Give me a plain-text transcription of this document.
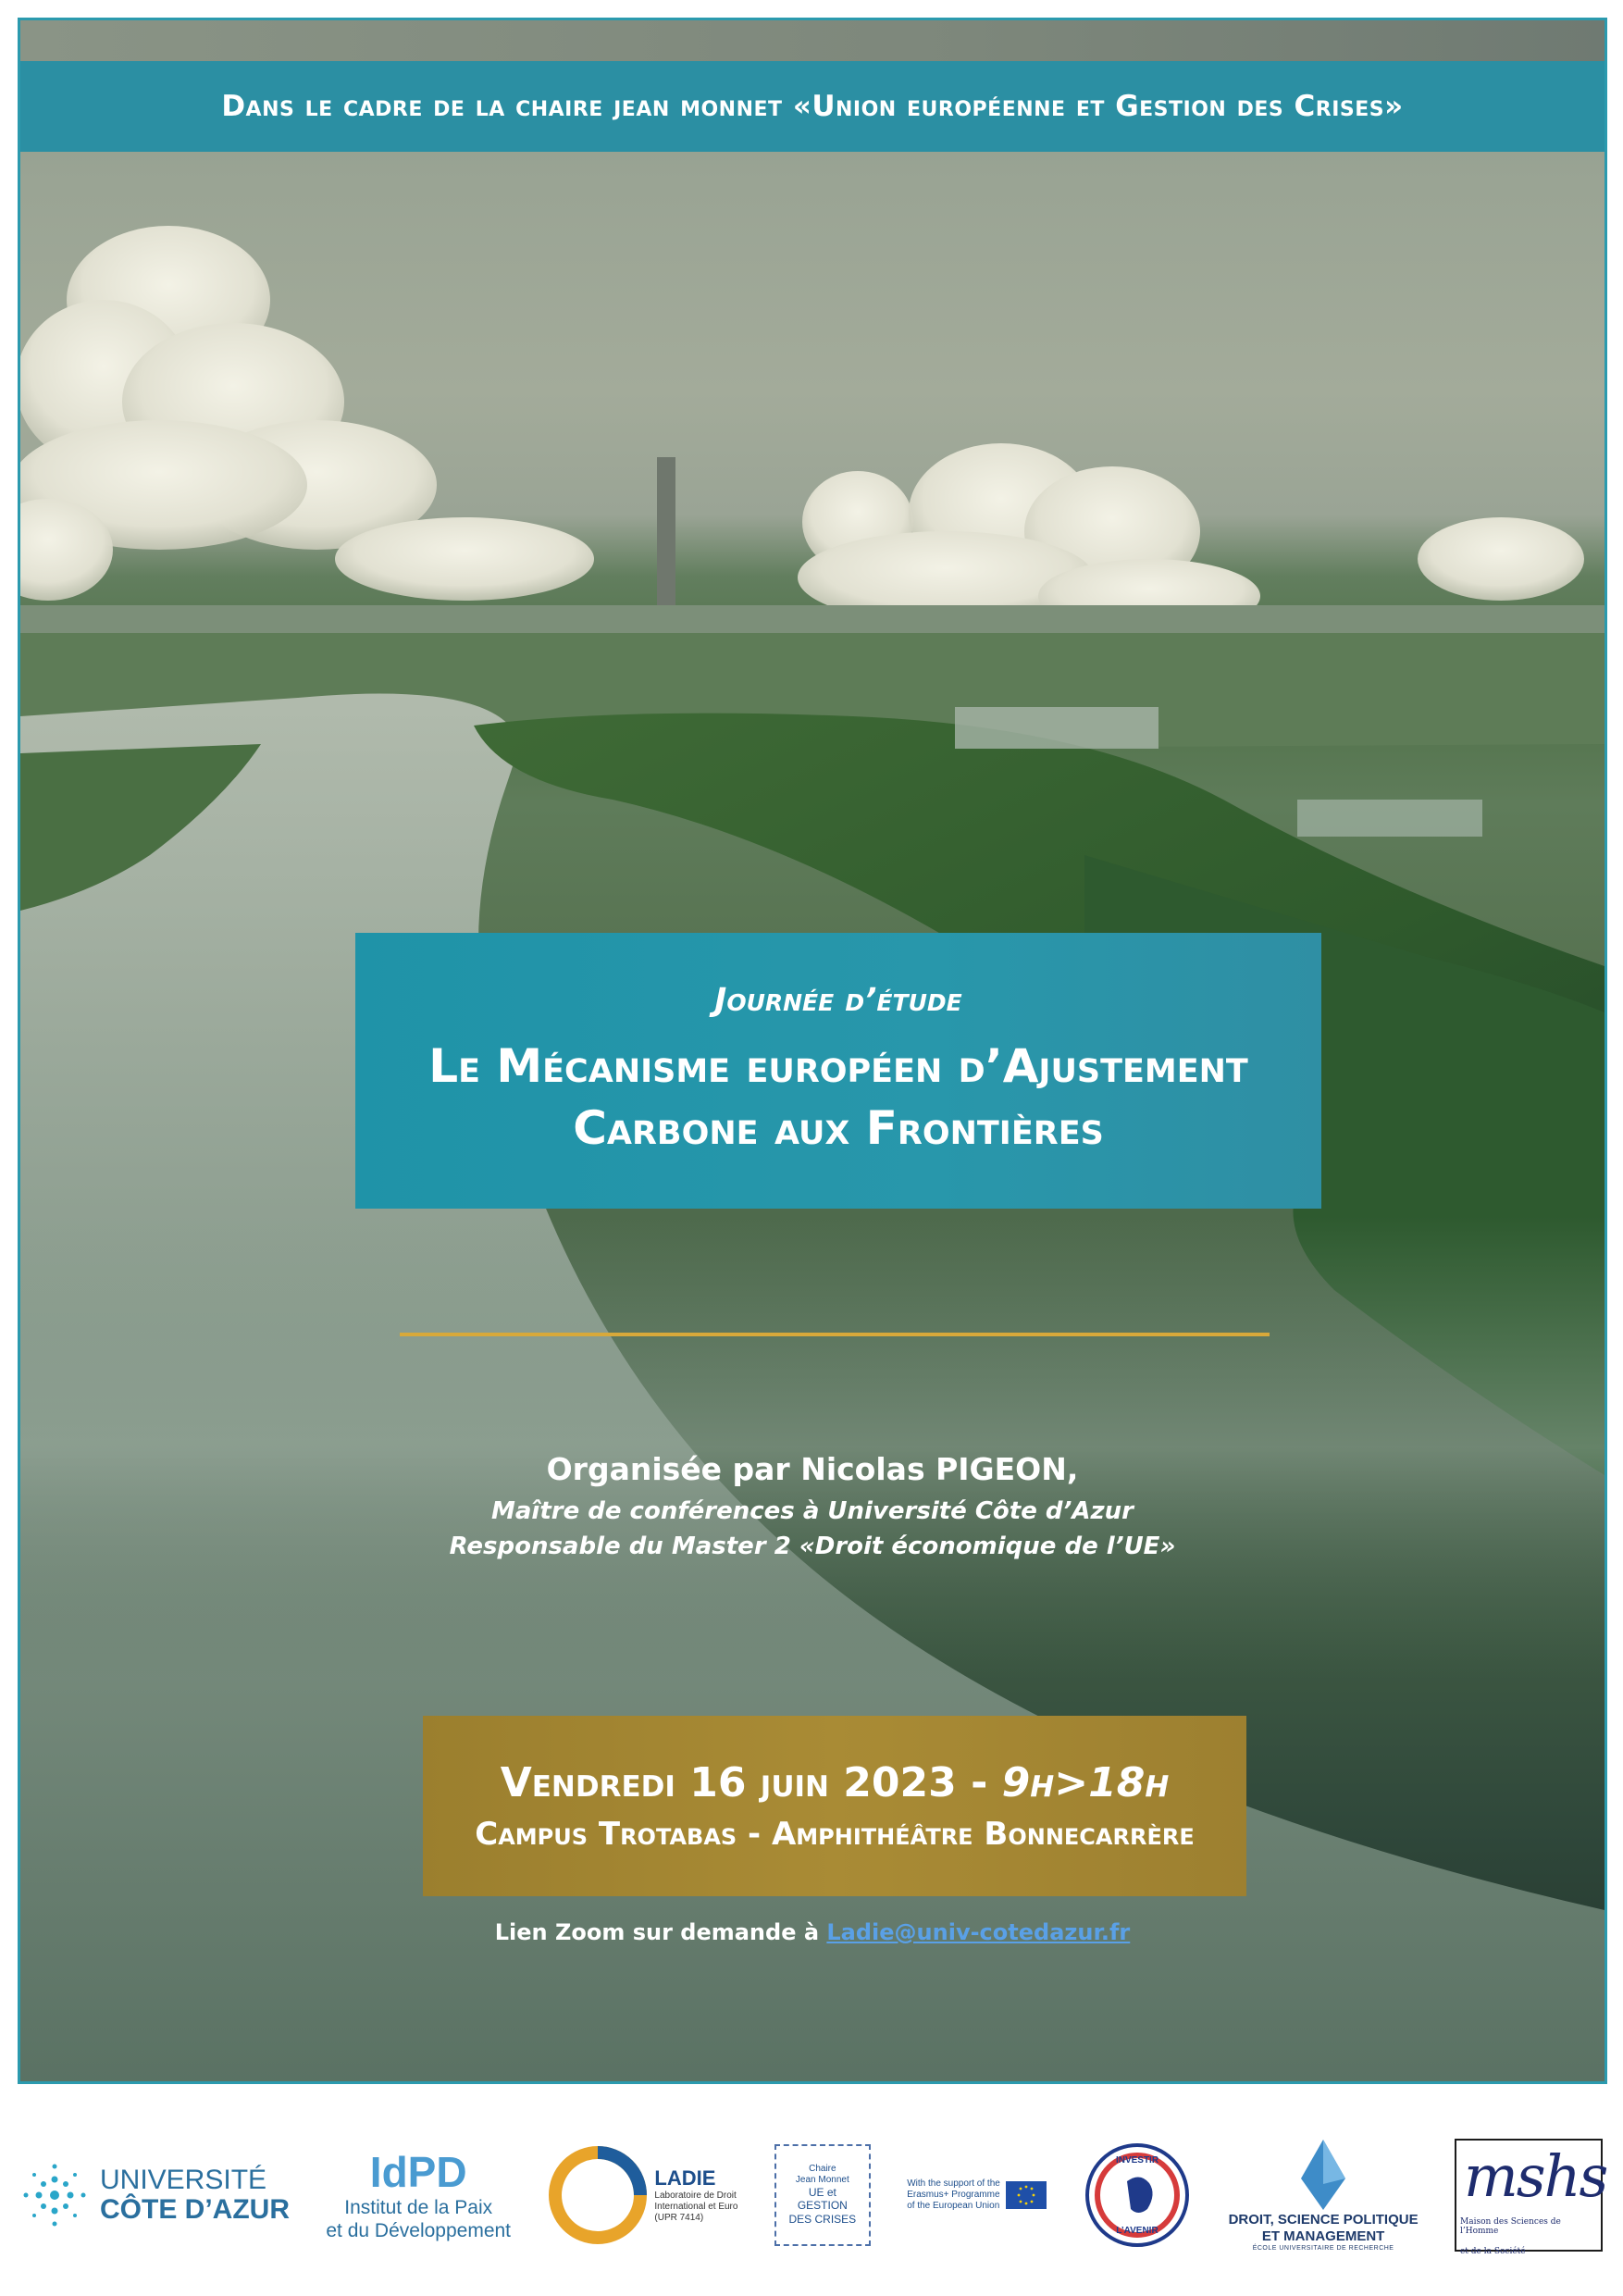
Dans le cadre de la chaire jean monnet «Union européenne et Gestion des Crises»
Journée d’étude
Le Mécanisme européen d’Ajustement
Carbone aux Frontières
Organisée par Nicolas PIGEON,
Maître de conférences à Université Côte d’Azur
Responsable du Master 2 «Droit économique de l’UE»
Vendredi 16 juin 2023 - 9h>18h
Campus Trotabas - Amphithéâtre Bonnecarrère
Lien Zoom sur demande à Ladie@univ-cotedazur.fr
UNIVERSITÉ
CÔTE D’AZUR
IdPD
Institut de la Paix
et du Développement
LADIE
Laboratoire de Droit
International et Euro
(UPR 7414)
Chaire
Jean Monnet
UE et
GESTION
DES CRISES
With the support of the
Erasmus+ Programme
of the European Union
INVESTIR
L’AVENIR
DROIT, SCIENCE POLITIQUE
ET MANAGEMENT
ÉCOLE UNIVERSITAIRE DE RECHERCHE
mshs
Maison des Sciences de l’Homme
et de la Société
